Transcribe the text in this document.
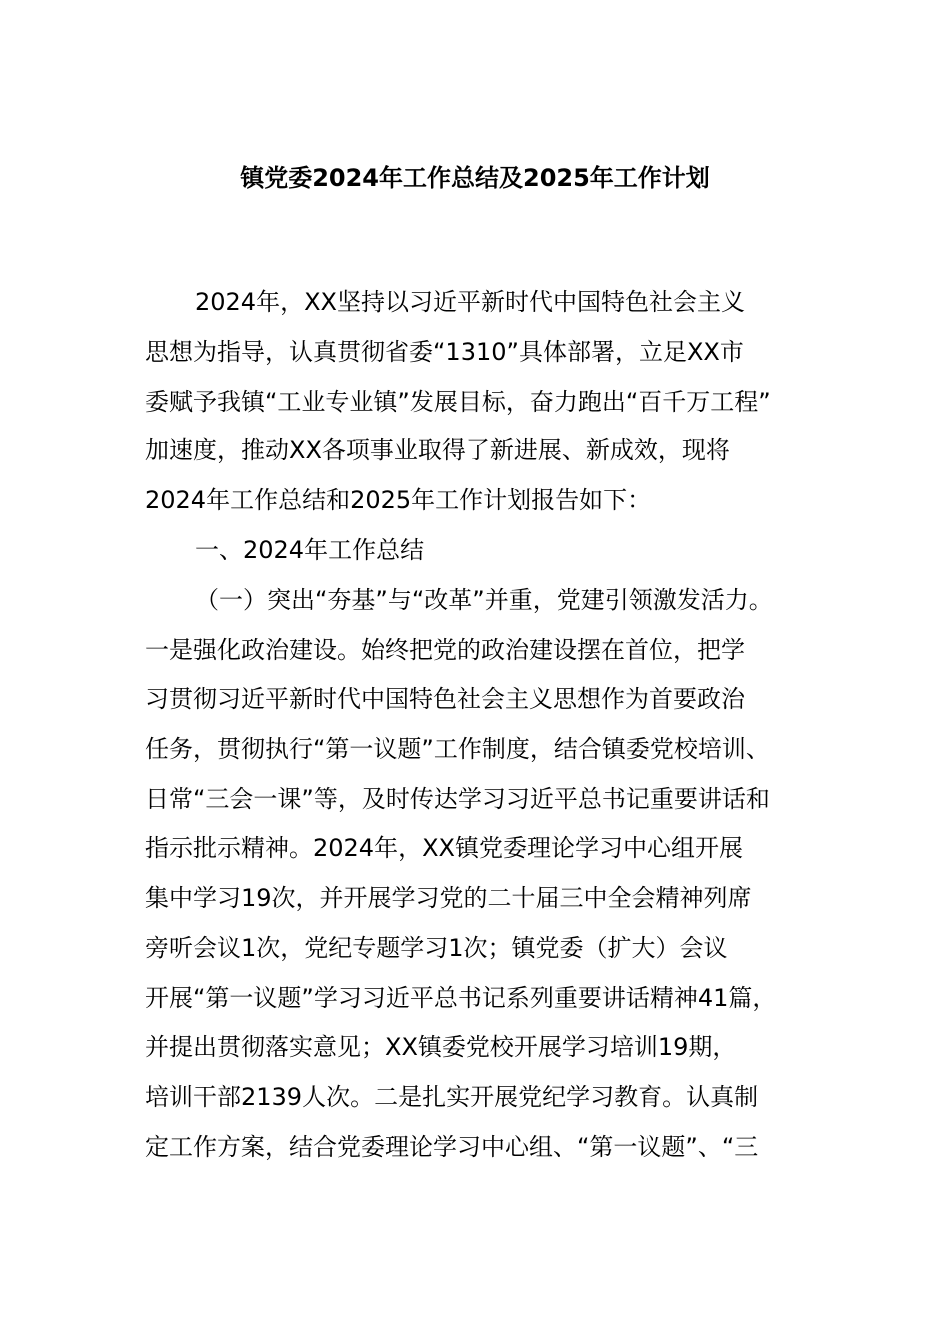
镇党委2024年工作总结及2025年工作计划
2024年，XX坚持以习近平新时代中国特色社会主义
思想为指导，认真贯彻省委“1310”具体部署，立足XX市
委赋予我镇“工业专业镇”发展目标，奋力跑出“百千万工程”
加速度，推动XX各项事业取得了新进展、新成效，现将
2024年工作总结和2025年工作计划报告如下：
一、2024年工作总结
（一）突出“夯基”与“改革”并重，党建引领激发活力。
一是强化政治建设。始终把党的政治建设摆在首位，把学
习贯彻习近平新时代中国特色社会主义思想作为首要政治
任务，贯彻执行“第一议题”工作制度，结合镇委党校培训、
日常“三会一课”等，及时传达学习习近平总书记重要讲话和
指示批示精神。2024年，XX镇党委理论学习中心组开展
集中学习19次，并开展学习党的二十届三中全会精神列席
旁听会议1次，党纪专题学习1次；镇党委（扩大）会议
开展“第一议题”学习习近平总书记系列重要讲话精神41篇，
并提出贯彻落实意见；XX镇委党校开展学习培训19期，
培训干部2139人次。二是扎实开展党纪学习教育。认真制
定工作方案，结合党委理论学习中心组、“第一议题”、“三
